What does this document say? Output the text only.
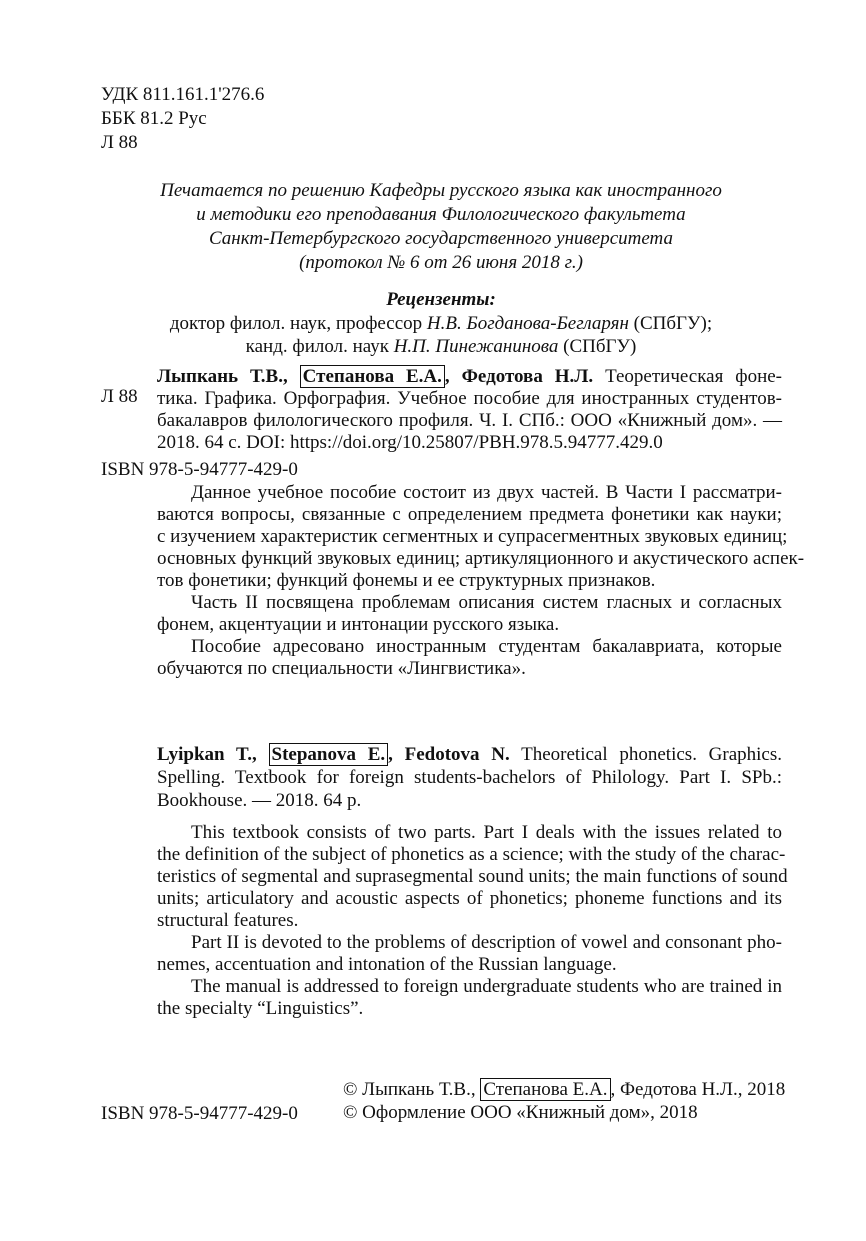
УДК 811.161.1'276.6
ББК 81.2 Рус
Л 88
Печатается по решению Кафедры русского языка как иностранного
и методики его преподавания Филологического факультета
Санкт-Петербургского государственного университета
(протокол № 6 от 26 июня 2018 г.)
Рецензенты:
доктор филол. наук, профессор Н.В. Богданова-Бегларян (СПбГУ);
канд. филол. наук Н.П. Пинежанинова (СПбГУ)
Лыпкань Т.В., Степанова Е.А. , Федотова Н.Л. Теоретическая фоне-
Л 88 тика. Графика. Орфография. Учебное пособие для иностранных студентов-
бакалавров филологического профиля. Ч. I. СПб.: ООО «Книжный дом». —
2018. 64 с. DOI: https://doi.org/10.25807/PBH.978.5.94777.429.0
ISBN 978-5-94777-429-0
Данное учебное пособие состоит из двух частей. В Части I рассматри-
ваются вопросы, связанные с определением предмета фонетики как науки;
с изучением характеристик сегментных и супрасегментных звуковых единиц;
основных функций звуковых единиц; артикуляционного и акустического аспек-
тов фонетики; функций фонемы и ее структурных признаков.
Часть II посвящена проблемам описания систем гласных и согласных
фонем, акцентуации и интонации русского языка.
Пособие адресовано иностранным студентам бакалавриата, которые
обучаются по специальности «Лингвистика».
Lyipkan T., Stepanova E. , Fedotova N. Theoretical phonetics. Graphics.
Spelling. Textbook for foreign students-bachelors of Philology. Part I. SPb.:
Bookhouse. — 2018. 64 p.
This textbook consists of two parts. Part I deals with the issues related to
the definition of the subject of phonetics as a science; with the study of the charac-
teristics of segmental and suprasegmental sound units; the main functions of sound
units; articulatory and acoustic aspects of phonetics; phoneme functions and its
structural features.
Part II is devoted to the problems of description of vowel and consonant pho-
nemes, accentuation and intonation of the Russian language.
The manual is addressed to foreign undergraduate students who are trained in
the specialty “Linguistics”.
© Лыпкань Т.В., Степанова Е.А. , Федотова Н.Л., 2018
ISBN 978-5-94777-429-0 © Оформление ООО «Книжный дом», 2018
